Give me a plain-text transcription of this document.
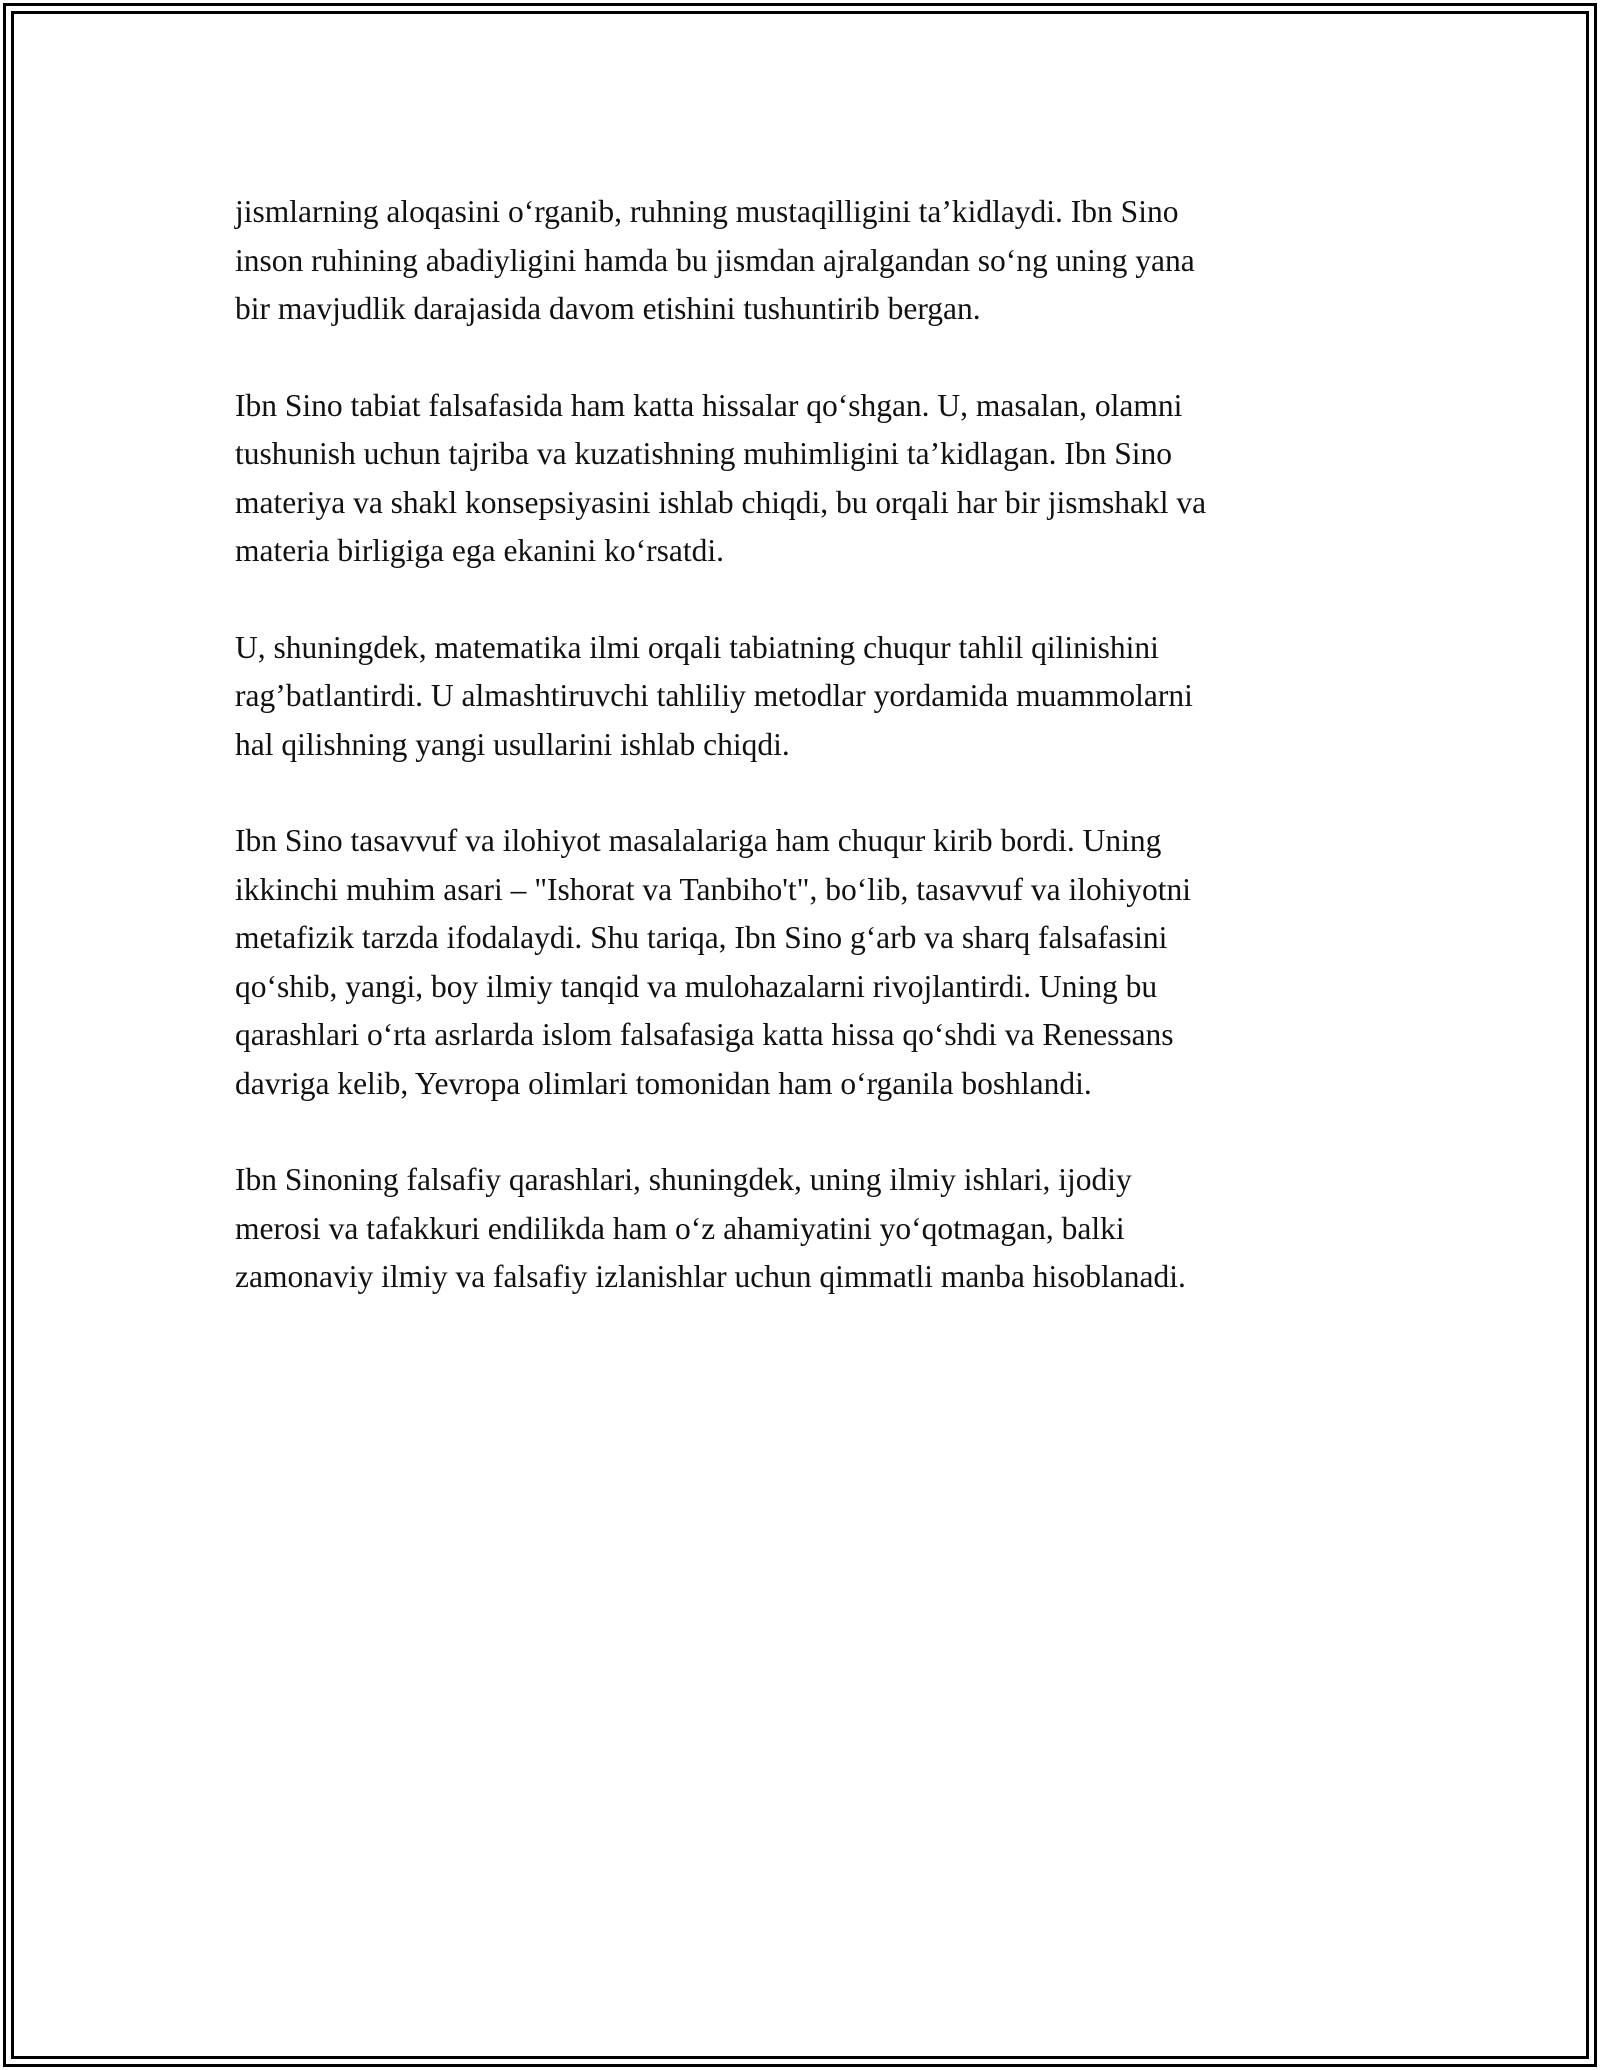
jismlarning aloqasini o‘rganib, ruhning mustaqilligini ta’kidlaydi. Ibn Sino
inson ruhining abadiyligini hamda bu jismdan ajralgandan so‘ng uning yana
bir mavjudlik darajasida davom etishini tushuntirib bergan.

Ibn Sino tabiat falsafasida ham katta hissalar qo‘shgan. U, masalan, olamni
tushunish uchun tajriba va kuzatishning muhimligini ta’kidlagan. Ibn Sino
materiya va shakl konsepsiyasini ishlab chiqdi, bu orqali har bir jismshakl va
materia birligiga ega ekanini ko‘rsatdi.

U, shuningdek, matematika ilmi orqali tabiatning chuqur tahlil qilinishini
rag’batlantirdi. U almashtiruvchi tahliliy metodlar yordamida muammolarni
hal qilishning yangi usullarini ishlab chiqdi.

Ibn Sino tasavvuf va ilohiyot masalalariga ham chuqur kirib bordi. Uning
ikkinchi muhim asari – "Ishorat va Tanbiho't", bo‘lib, tasavvuf va ilohiyotni
metafizik tarzda ifodalaydi. Shu tariqa, Ibn Sino g‘arb va sharq falsafasini
qo‘shib, yangi, boy ilmiy tanqid va mulohazalarni rivojlantirdi. Uning bu
qarashlari o‘rta asrlarda islom falsafasiga katta hissa qo‘shdi va Renessans
davriga kelib, Yevropa olimlari tomonidan ham o‘rganila boshlandi.

Ibn Sinoning falsafiy qarashlari, shuningdek, uning ilmiy ishlari, ijodiy
merosi va tafakkuri endilikda ham o‘z ahamiyatini yo‘qotmagan, balki
zamonaviy ilmiy va falsafiy izlanishlar uchun qimmatli manba hisoblanadi.
